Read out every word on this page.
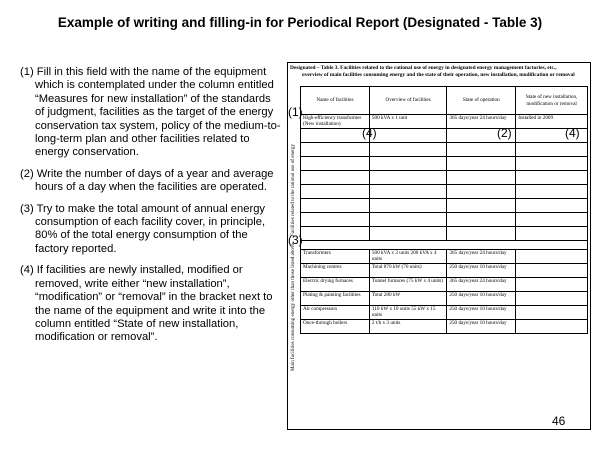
Example of writing and filling-in for Periodical Report (Designated - Table 3)

(1) Fill in this field with the name of the equipment which is contemplated under the column entitled “Measures for new installation” of the standards of judgment, facilities as the target of the energy conservation tax system, policy of the medium-to-long-term plan and other facilities related to energy conservation.

(2) Write the number of days of a year and average hours of a day when the facilities are operated.

(3) Try to make the total amount of annual energy consumption of each facility cover, in principle, 80% of the total energy consumption of the factory reported.

(4) If facilities are newly installed, modified or removed, write either “new installation”, “modification” or “removal” in the bracket next to the name of the equipment and write it into the column entitled “State of new installation, modification or removal”.

Designated – Table 3. Facilities related to the rational use of energy in designated energy management factories, etc.,
overview of main facilities consuming energy and the state of their operation, new installation, modification or removal
Name of facilities	Overview of facilities	State of operation	State of new installation, modification or removal
High-efficiency transformer (New installation)	500 kVA x 1 unit	365 days/year 24 hours/day	Installed in 2009

Transformers	500 kVA x 3 units 200 kVA x 4 units	365 days/year 24 hours/day	
Machining centres	Total 870 kW (70 units)	250 days/year 10 hours/day	
Electric drying furnaces	Tunnel furnaces (75 kW x 4 units)	365 days/year 24 hours/day	
Plating & painting facilities	Total 280 kW	250 days/year 10 hours/day	
Air compressors	110 kW x 10 units 55 kW x 15 units	250 days/year 10 hours/day	
Once-through boilers	2 t/h x 3 units	250 days/year 10 hours/day	
Facilities related to the rational use of energy
Main facilities consuming energy other than those listed above
(1)
(4)	(2)	(4)
(3)
46
